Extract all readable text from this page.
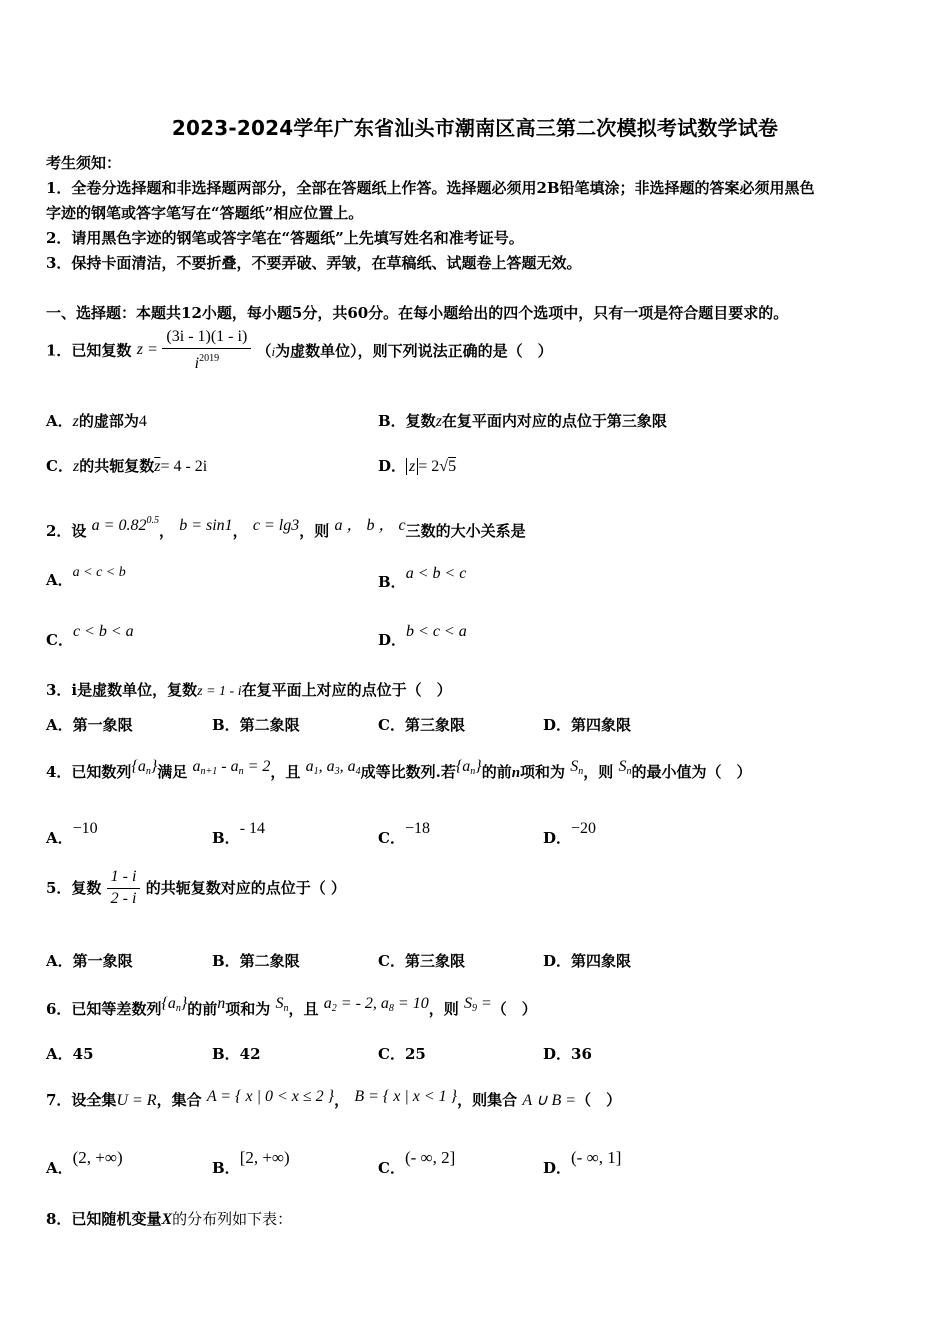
2023-2024学年广东省汕头市潮南区高三第二次模拟考试数学试卷
考生须知：
1．全卷分选择题和非选择题两部分，全部在答题纸上作答。选择题必须用2B铅笔填涂；非选择题的答案必须用黑色
字迹的钢笔或答字笔写在“答题纸”相应位置上。
2．请用黑色字迹的钢笔或答字笔在“答题纸”上先填写姓名和准考证号。
3．保持卡面清洁，不要折叠，不要弄破、弄皱，在草稿纸、试题卷上答题无效。
一、选择题：本题共12小题，每小题5分，共60分。在每小题给出的四个选项中，只有一项是符合题目要求的。
1．已知复数 $z = \frac{(3i - 1)(1 - i)}{i^{2019}} (i$为虚数单位），则下列说法正确的是（　）
A．z的虚部为4	B．复数z在复平面内对应的点位于第三象限
C．z的共轭复数$\overline{z}= 4 - 2i$	D． z = 2√5
2．设 $a = 0.82^{0.5}$， b = sin1， c = lg3，则 a ， b ， c三数的大小关系是
A．a < c < b
B．a < b < c
C．c < b < a	D．b < c < a
3．i是虚数单位，复数z = 1 - i在复平面上对应的点位于（　）
A．第一象限	B．第二象限	C．第三象限	D．第四象限
4．已知数列$\{a_n\}$满足 $a_{n+1} - a_n = 2$，且 $a_1$, $a_3$, $a_4$成等比数列.若$\{a_n\}$的前n项和为 $S_n$，则 $S_n$的最小值为（　）
A．−10
B．- 14
C．−18
D．−20
5．复数 $\frac{1 - i}{2 - i}$ 的共轭复数对应的点位于（ ）
A．第一象限	B．第二象限	C．第三象限	D．第四象限
6．已知等差数列$\{a_n\}$的前n项和为 $S_n$，且 $a_2$ = - 2, $a_8 = 10$，则 $S_9$ =（　）
A．45	B．42	C．25	D．36
7．设全集U = R，集合 A = { x | 0 < x ≤ 2 }， B = { x | x < 1 }，则集合 A ∪ B =（　）
A．(2, +∞)
B．[2, +∞)
C．(- ∞, 2]
D．(- ∞, 1]
8．已知随机变量X的分布列如下表：
